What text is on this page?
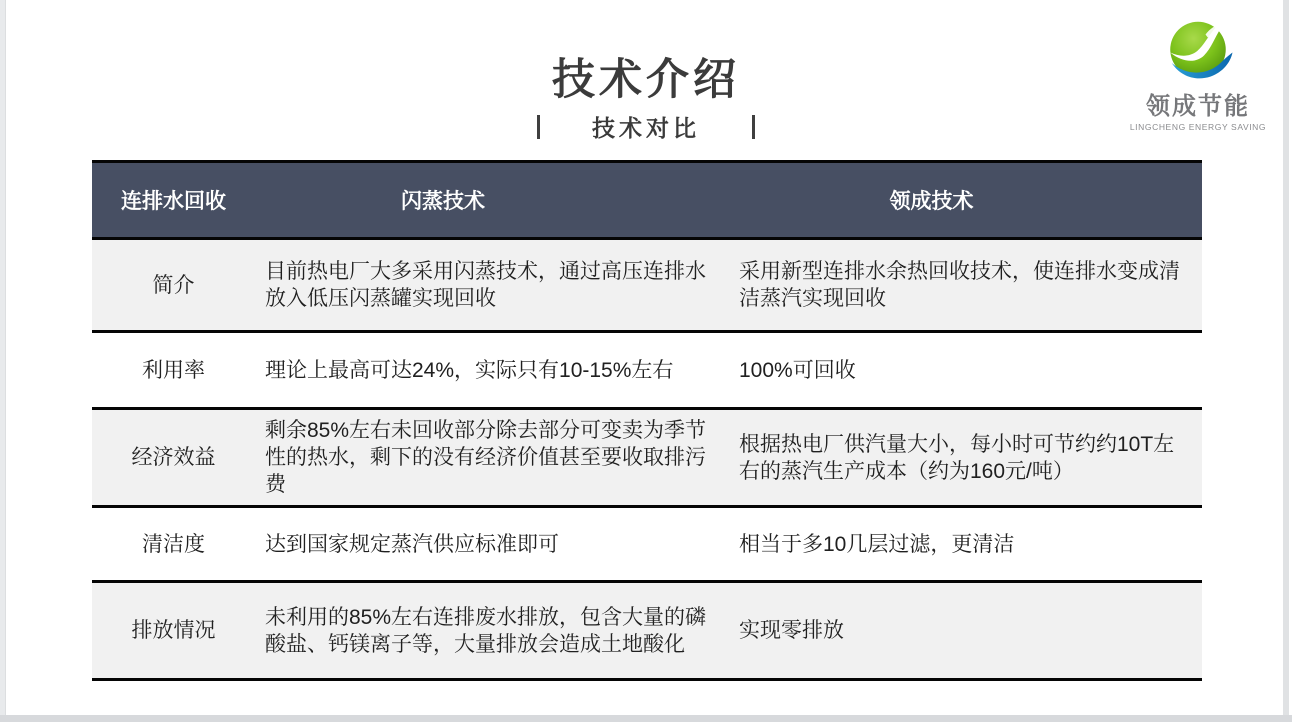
技术介绍
技术对比
领成节能
LINGCHENG ENERGY SAVING
连排水回收	闪蒸技术	领成技术
简介	目前热电厂大多采用闪蒸技术，通过高压连排水放入低压闪蒸罐实现回收	采用新型连排水余热回收技术，使连排水变成清洁蒸汽实现回收
利用率	理论上最高可达24%，实际只有10-15%左右	100%可回收
经济效益	剩余85%左右未回收部分除去部分可变卖为季节性的热水，剩下的没有经济价值甚至要收取排污费	根据热电厂供汽量大小，每小时可节约约10T左右的蒸汽生产成本（约为160元/吨）
清洁度	达到国家规定蒸汽供应标准即可	相当于多10几层过滤，更清洁
排放情况	未利用的85%左右连排废水排放，包含大量的磷酸盐、钙镁离子等，大量排放会造成土地酸化	实现零排放
